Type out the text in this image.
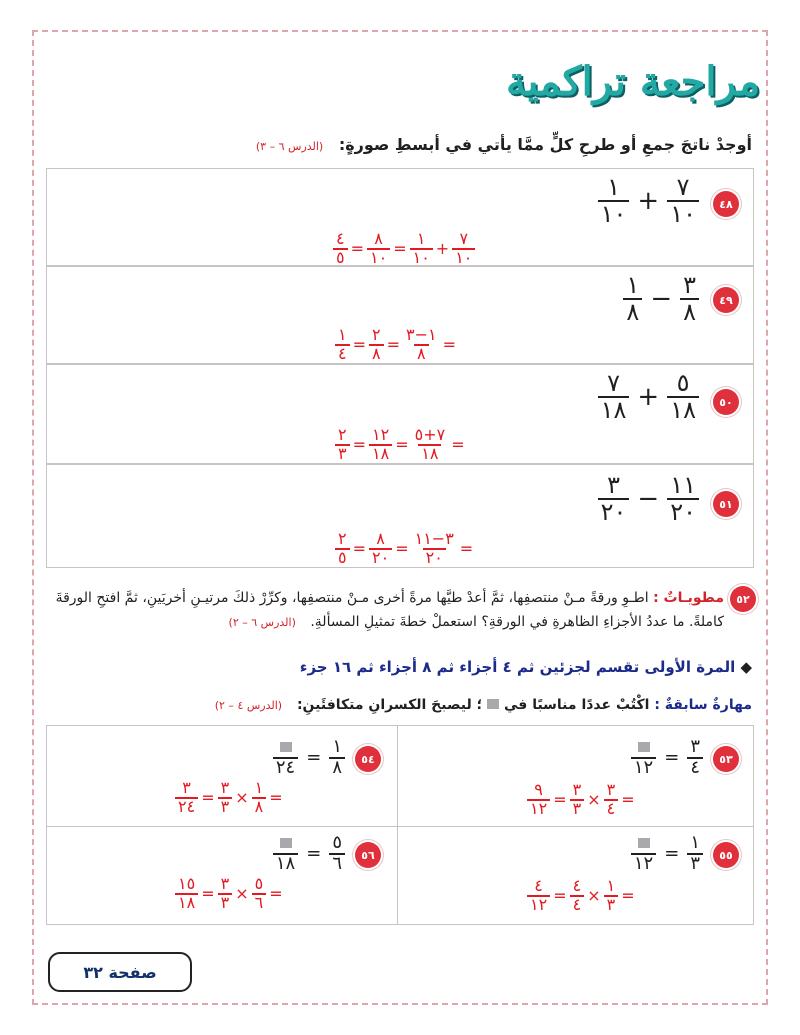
مراجعة تراكمية
أوجدْ ناتجَ جمعِ أو طرحِ كلٍّ ممَّا يأتي في أبسطِ صورةٍ: (الدرس ٦ – ٣)
٤٨
$\frac{١}{١٠} + \frac{٧}{١٠}$
$\frac{٤}{٥} = \frac{٨}{١٠} = \frac{١}{١٠} + \frac{٧}{١٠}$
٤٩
$\frac{١}{٨} - \frac{٣}{٨}$
$\frac{١}{٤} = \frac{٢}{٨} = \frac{١-٣}{٨}$ =
٥٠
$\frac{٧}{١٨} + \frac{٥}{١٨}$
$\frac{٢}{٣} = \frac{١٢}{١٨} = \frac{٧+٥}{١٨}$ =
٥١
$\frac{٣}{٢٠} - \frac{١١}{٢٠}$
$\frac{٢}{٥} = \frac{٨}{٢٠} = \frac{٣-١١}{٢٠}$ =
٥٢
مطويـاتٌ : اطـوِ ورقةً مـنْ منتصفِها، ثمَّ أعدْ طيَّها مرةً أخرى مـنْ منتصفِها، وكرِّرْ ذلكَ مرتيـنِ أخريَينِ، ثمَّ افتحِ الورقةَ كاملةً. ما عددُ الأجزاءِ الظاهرةِ في الورقةِ؟ استعملْ خطةَ تمثيلِ المسألةِ. (الدرس ٦ – ٢)
◆ المرة الأولى تقسم لجزئين ثم ٤ أجزاء ثم ٨ أجزاء ثم ١٦ جزء
مهارةٌ سابقةٌ : اكْتُبْ عددًا مناسبًا في  ؛ ليصبحَ الكسرانِ متكافئَينِ: (الدرس ٤ – ٢)
٥٣
١٢ = $\frac{٣}{٤}$
$\frac{٩}{١٢} = \frac{٣}{٣} \times \frac{٣}{٤}$ =
٥٤
٢٤ = $\frac{١}{٨}$
$\frac{٣}{٢٤} = \frac{٣}{٣} \times \frac{١}{٨}$ =
٥٥
١٢ = $\frac{١}{٣}$
$\frac{٤}{١٢} = \frac{٤}{٤} \times \frac{١}{٣}$ =
٥٦
١٨ = $\frac{٥}{٦}$
$\frac{١٥}{١٨} = \frac{٣}{٣} \times \frac{٥}{٦}$ =
صفحة ٣٢
